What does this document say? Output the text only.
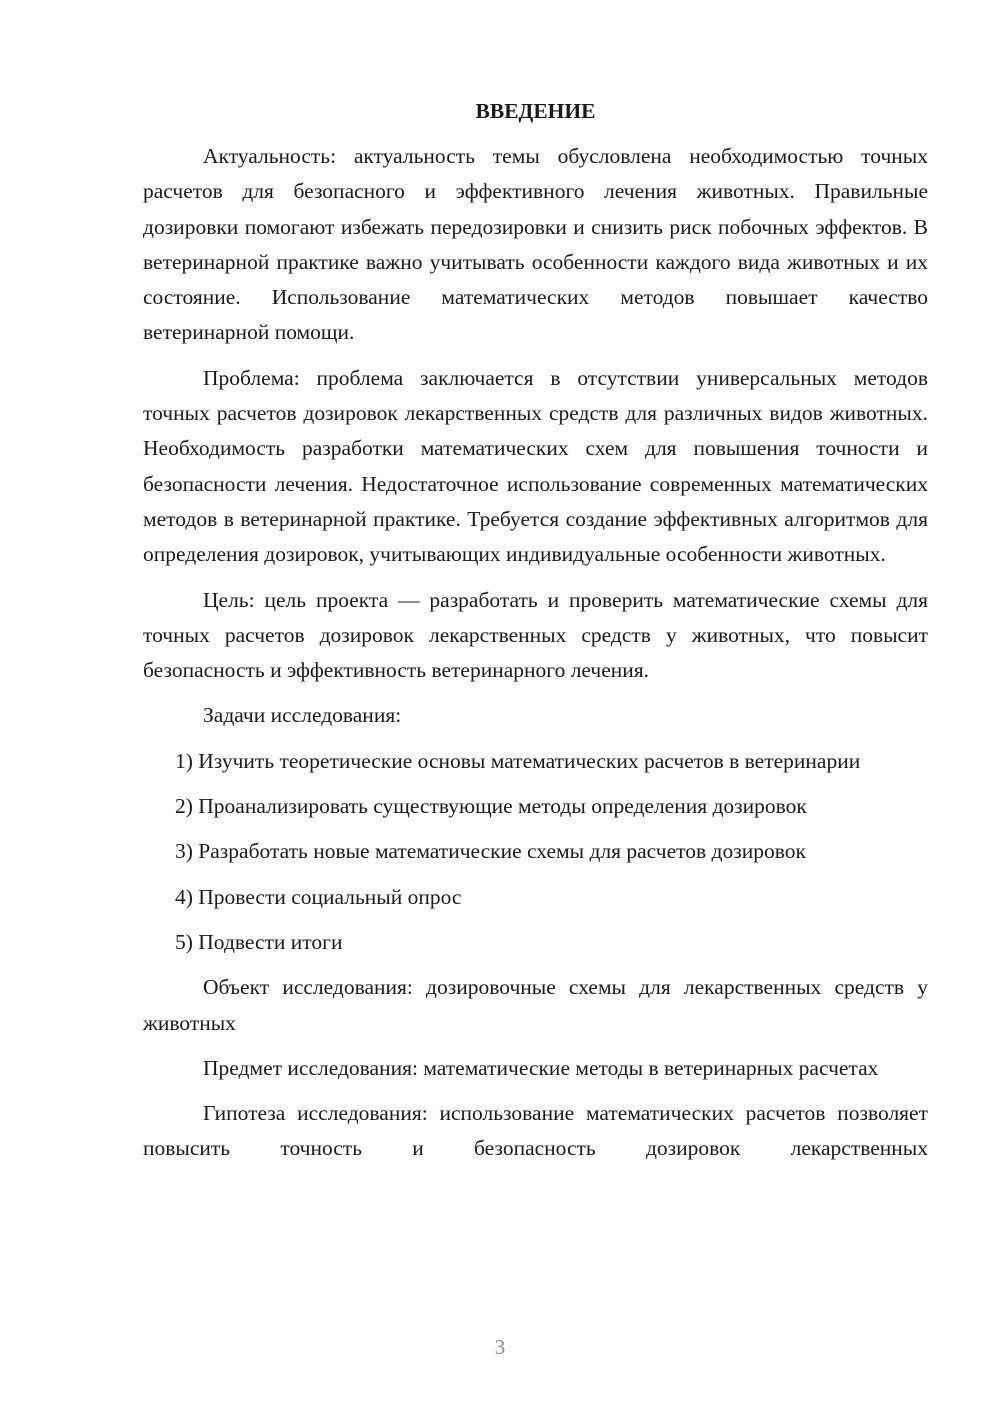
ВВЕДЕНИЕ

Актуальность: актуальность темы обусловлена необходимостью точных расчетов для безопасного и эффективного лечения животных. Правильные дозировки помогают избежать передозировки и снизить риск побочных эффектов. В ветеринарной практике важно учитывать особенности каждого вида животных и их состояние. Использование математических методов повышает качество ветеринарной помощи.

Проблема: проблема заключается в отсутствии универсальных методов точных расчетов дозировок лекарственных средств для различных видов животных. Необходимость разработки математических схем для повышения точности и безопасности лечения. Недостаточное использование современных математических методов в ветеринарной практике. Требуется создание эффективных алгоритмов для определения дозировок, учитывающих индивидуальные особенности животных.

Цель: цель проекта — разработать и проверить математические схемы для точных расчетов дозировок лекарственных средств у животных, что повысит безопасность и эффективность ветеринарного лечения.

Задачи исследования:

1) Изучить теоретические основы математических расчетов в ветеринарии

2) Проанализировать существующие методы определения дозировок

3) Разработать новые математические схемы для расчетов дозировок

4) Провести социальный опрос

5) Подвести итоги

Объект исследования: дозировочные схемы для лекарственных средств у животных

Предмет исследования: математические методы в ветеринарных расчетах

Гипотеза исследования: использование математических расчетов позволяет повысить точность и безопасность дозировок лекарственных

3
